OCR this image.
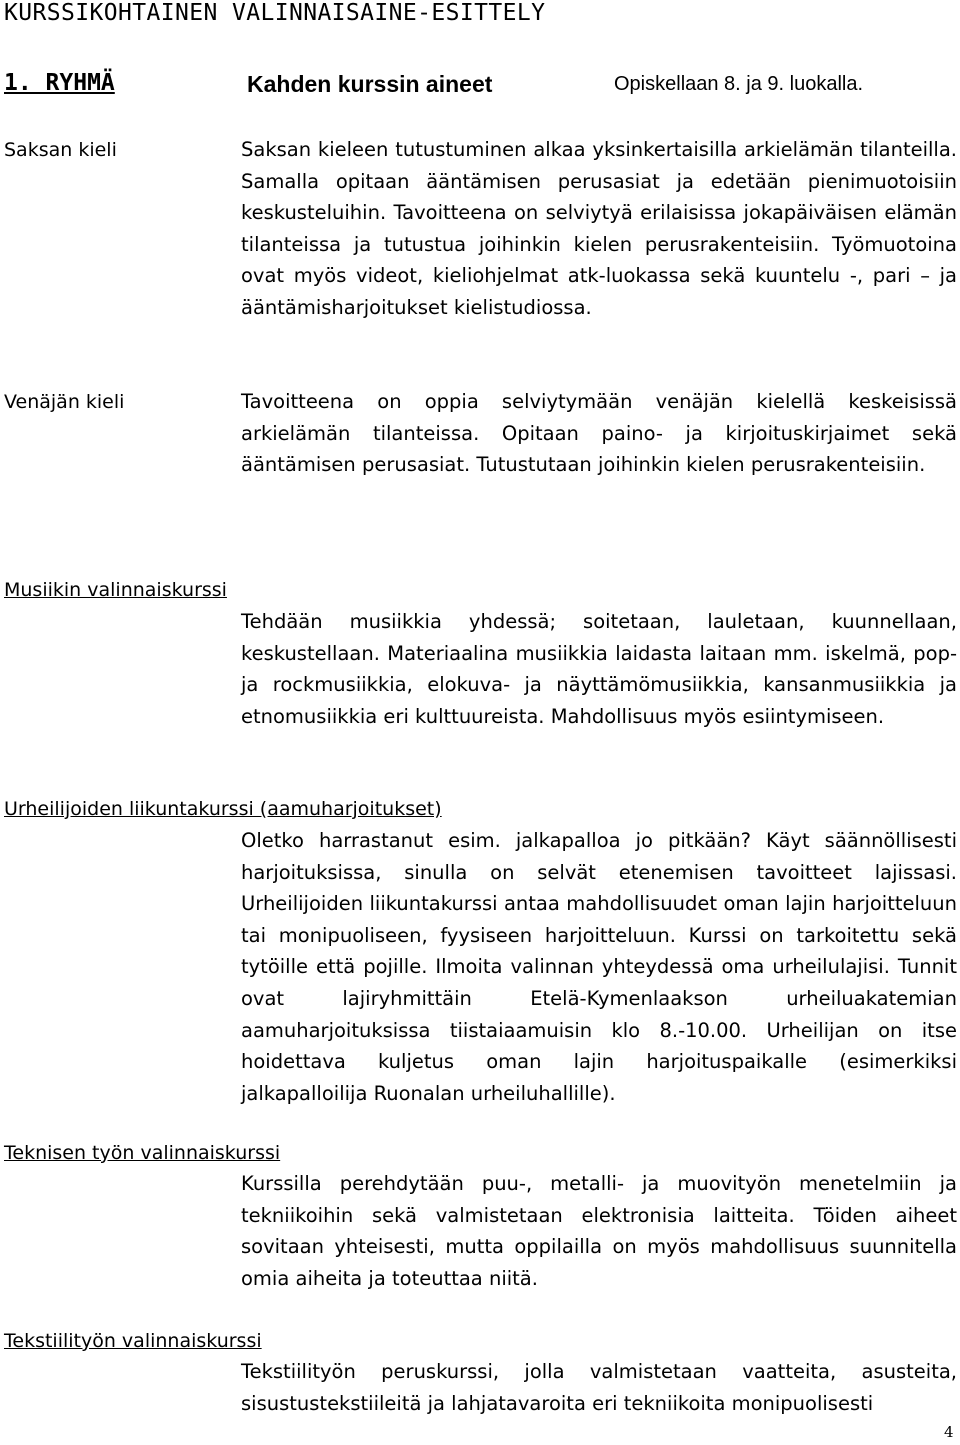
KURSSIKOHTAINEN VALINNAISAINE-ESITTELY
1. RYHMÄ	Kahden kurssin aineet	Opiskellaan 8. ja 9. luokalla.
Saksan kieli	Saksan kieleen tutustuminen alkaa yksinkertaisilla arkielämän tilanteilla. Samalla opitaan ääntämisen perusasiat ja edetään pienimuotoisiin keskusteluihin. Tavoitteena on selviytyä erilaisissa jokapäiväisen elämän tilanteissa ja tutustua joihinkin kielen perusrakenteisiin. Työmuotoina ovat myös videot, kieliohjelmat atk-luokassa sekä kuuntelu -, pari – ja ääntämisharjoitukset kielistudiossa.
Venäjän kieli	Tavoitteena on oppia selviytymään venäjän kielellä keskeisissä arkielämän tilanteissa. Opitaan paino- ja kirjoituskirjaimet sekä ääntämisen perusasiat. Tutustutaan joihinkin kielen perusrakenteisiin.
Musiikin valinnaiskurssi
Tehdään musiikkia yhdessä; soitetaan, lauletaan, kuunnellaan, keskustellaan. Materiaalina musiikkia laidasta laitaan mm. iskelmä, pop- ja rockmusiikkia, elokuva- ja näyttämömusiikkia, kansanmusiikkia ja etnomusiikkia eri kulttuureista. Mahdollisuus myös esiintymiseen.
Urheilijoiden liikuntakurssi (aamuharjoitukset)
Oletko harrastanut esim. jalkapalloa jo pitkään? Käyt säännöllisesti harjoituksissa, sinulla on selvät etenemisen tavoitteet lajissasi. Urheilijoiden liikuntakurssi antaa mahdollisuudet oman lajin harjoitteluun tai monipuoliseen, fyysiseen harjoitteluun. Kurssi on tarkoitettu sekä tytöille että pojille. Ilmoita valinnan yhteydessä oma urheilulajisi. Tunnit ovat lajiryhmittäin Etelä-Kymenlaakson urheiluakatemian aamuharjoituksissa tiistaiaamuisin klo 8.-10.00. Urheilijan on itse hoidettava kuljetus oman lajin harjoituspaikalle (esimerkiksi jalkapalloilija Ruonalan urheiluhallille).
Teknisen työn valinnaiskurssi
Kurssilla perehdytään puu-, metalli- ja muovityön menetelmiin ja tekniikoihin sekä valmistetaan elektronisia laitteita. Töiden aiheet sovitaan yhteisesti, mutta oppilailla on myös mahdollisuus suunnitella omia aiheita ja toteuttaa niitä.
Tekstiilityön valinnaiskurssi
Tekstiilityön peruskurssi, jolla valmistetaan vaatteita, asusteita, sisustustekstiileitä ja lahjatavaroita eri tekniikoita monipuolisesti
4
